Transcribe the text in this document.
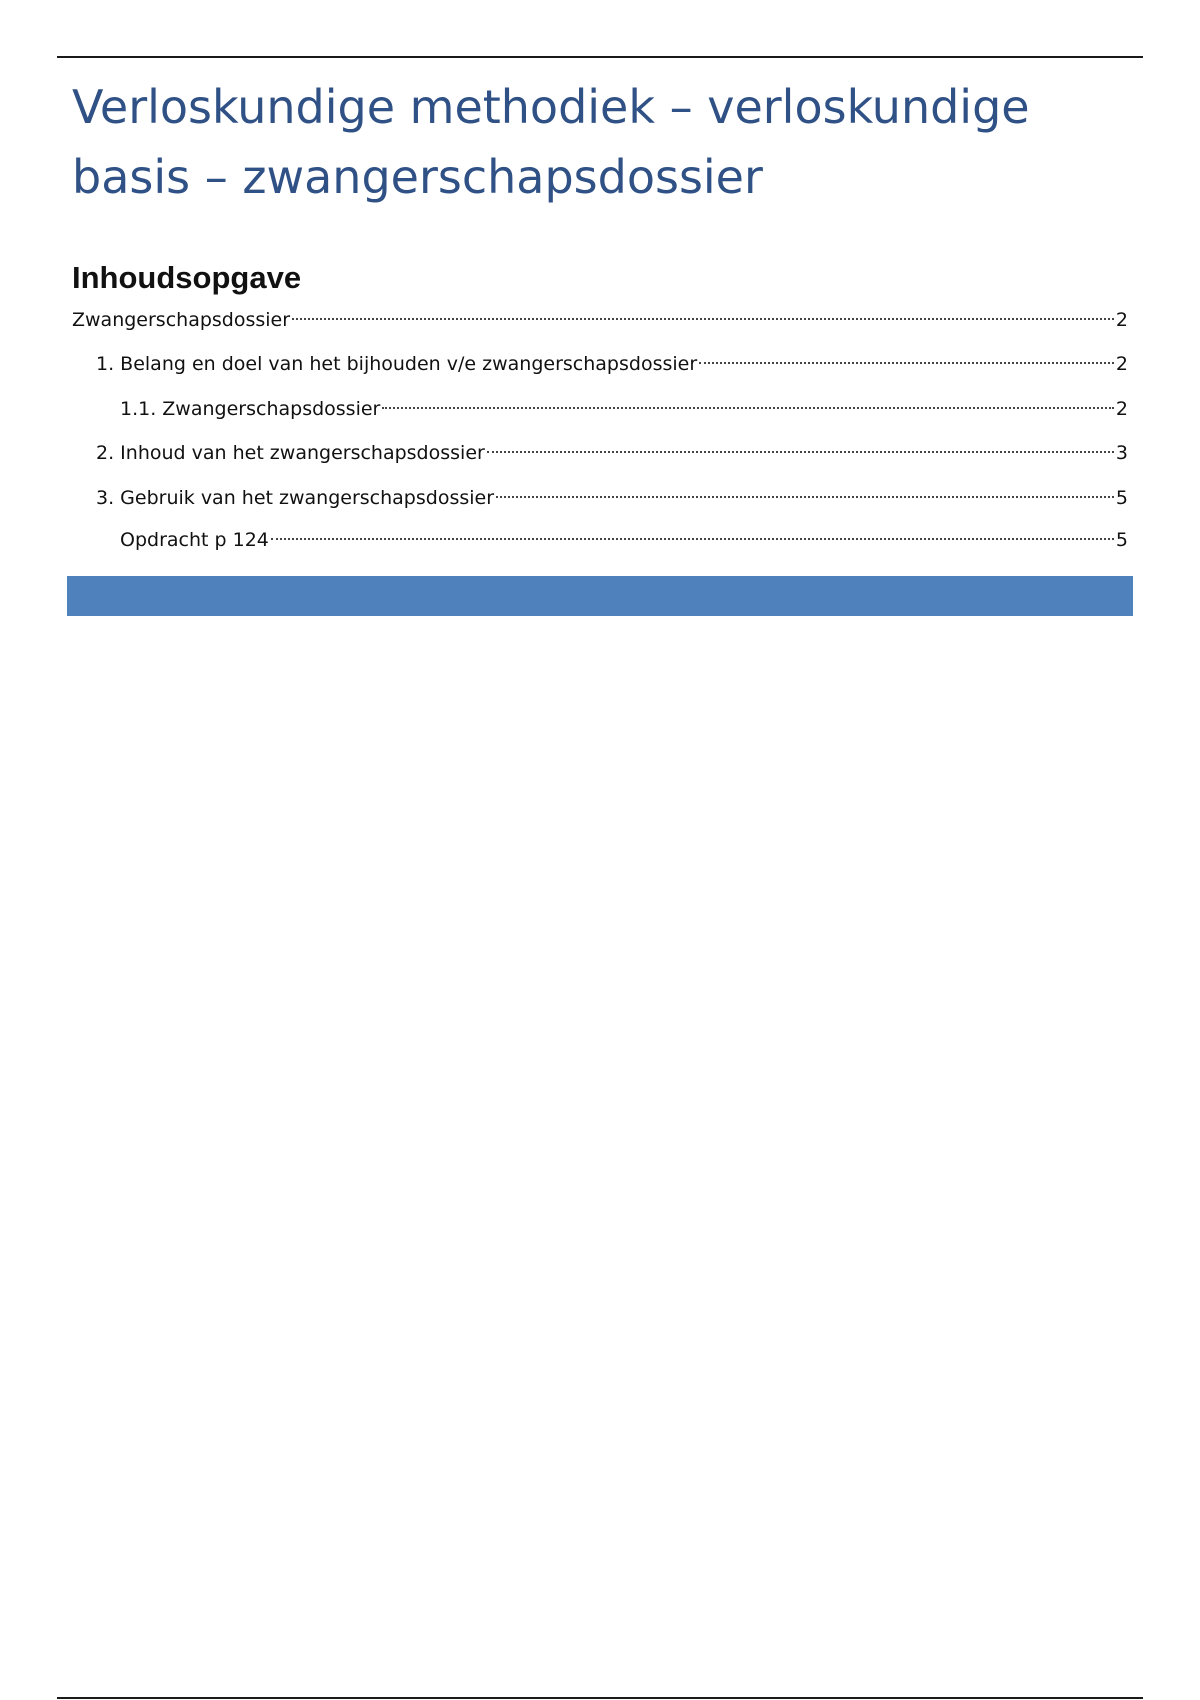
Verloskundige methodiek – verloskundige basis – zwangerschapsdossier
Inhoudsopgave
Zwangerschapsdossier	2
1. Belang en doel van het bijhouden v/e zwangerschapsdossier	2
1.1. Zwangerschapsdossier	2
2. Inhoud van het zwangerschapsdossier	3
3. Gebruik van het zwangerschapsdossier	5
Opdracht p 124	5
